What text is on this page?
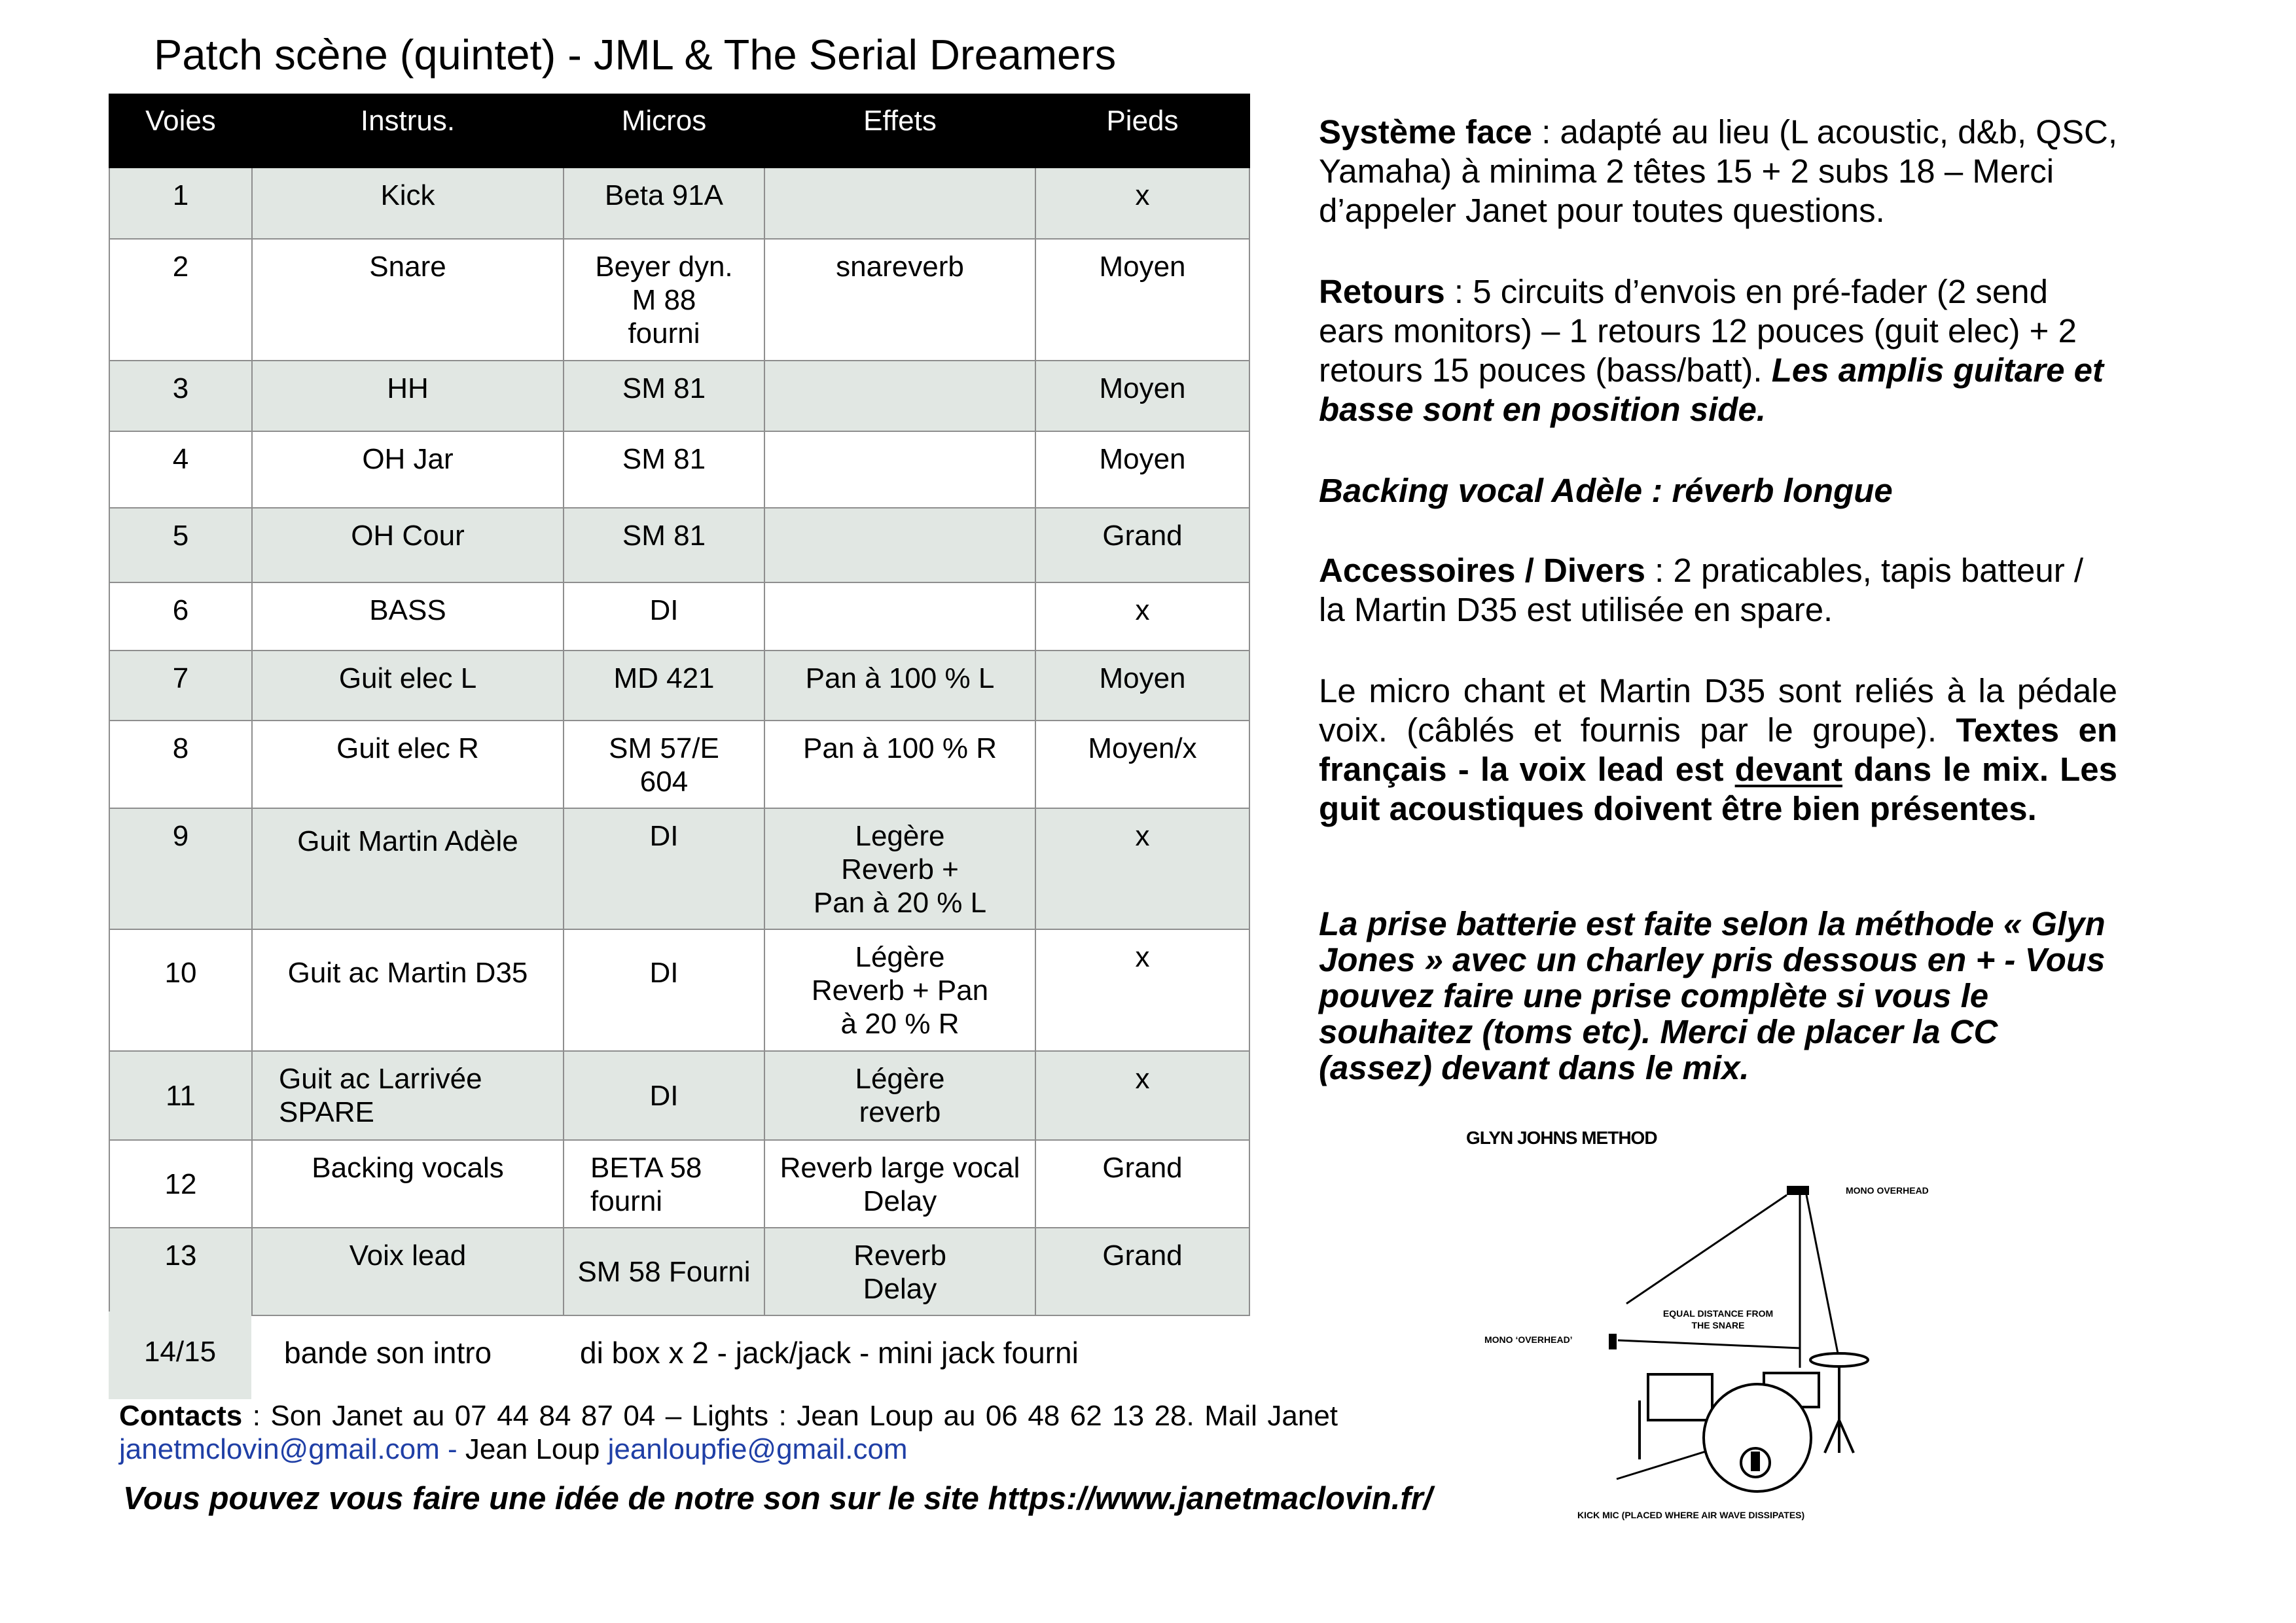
Patch scène (quintet) - JML & The Serial Dreamers
Voies	Instrus.	Micros	Effets	Pieds
1	Kick	Beta 91A		x
2	Snare	Beyer dyn.
M 88
fourni	snareverb	Moyen
3	HH	SM 81		Moyen
4	OH Jar	SM 81		Moyen
5	OH Cour	SM 81		Grand
6	BASS	DI		x
7	Guit elec L	MD 421	Pan à 100 % L	Moyen
8	Guit elec R	SM 57/E
604	Pan à 100 % R	Moyen/x
9	Guit Martin Adèle	DI	Legère
Reverb +
Pan à 20 % L	x
10	Guit ac Martin D35	DI	Légère
Reverb + Pan
à 20 % R	x
11	Guit ac Larrivée
SPARE	DI	Légère
reverb	x
12	Backing vocals	BETA 58
fourni	Reverb large vocal
Delay	Grand
13	Voix lead	SM 58 Fourni	Reverb
Delay	Grand
14/15	bande son intro	di box x 2 - jack/jack - mini jack fourni
Contacts : Son Janet au 07 44 84 87 04 – Lights : Jean Loup au 06 48 62 13 28. Mail Janet janetmclovin@gmail.com - Jean Loup jeanloupfie@gmail.com
Vous pouvez vous faire une idée de notre son sur le site https://www.janetmaclovin.fr/

Système face : adapté au lieu (L acoustic, d&b, QSC, Yamaha) à minima 2 têtes 15 + 2 subs 18 – Merci d’appeler Janet pour toutes questions.

Retours : 5 circuits d’envois en pré-fader (2 send ears monitors) – 1 retours 12 pouces (guit elec) + 2 retours 15 pouces (bass/batt). Les amplis guitare et basse sont en position side.

Backing vocal Adèle : réverb longue

Accessoires / Divers : 2 praticables, tapis batteur / la Martin D35 est utilisée en spare.

Le micro chant et Martin D35 sont reliés à la pédale voix. (câblés et fournis par le groupe). Textes en français - la voix lead est devant dans le mix. Les guit acoustiques doivent être bien présentes.

La prise batterie est faite selon la méthode « Glyn Jones » avec un charley pris dessous en + - Vous pouvez faire une prise complète si vous le souhaitez (toms etc). Merci de placer la CC (assez) devant dans le mix.

GLYN JOHNS METHOD
MONO OVERHEAD
MONO ‘OVERHEAD’
EQUAL DISTANCE FROM
THE SNARE
KICK MIC (PLACED WHERE AIR WAVE DISSIPATES)
